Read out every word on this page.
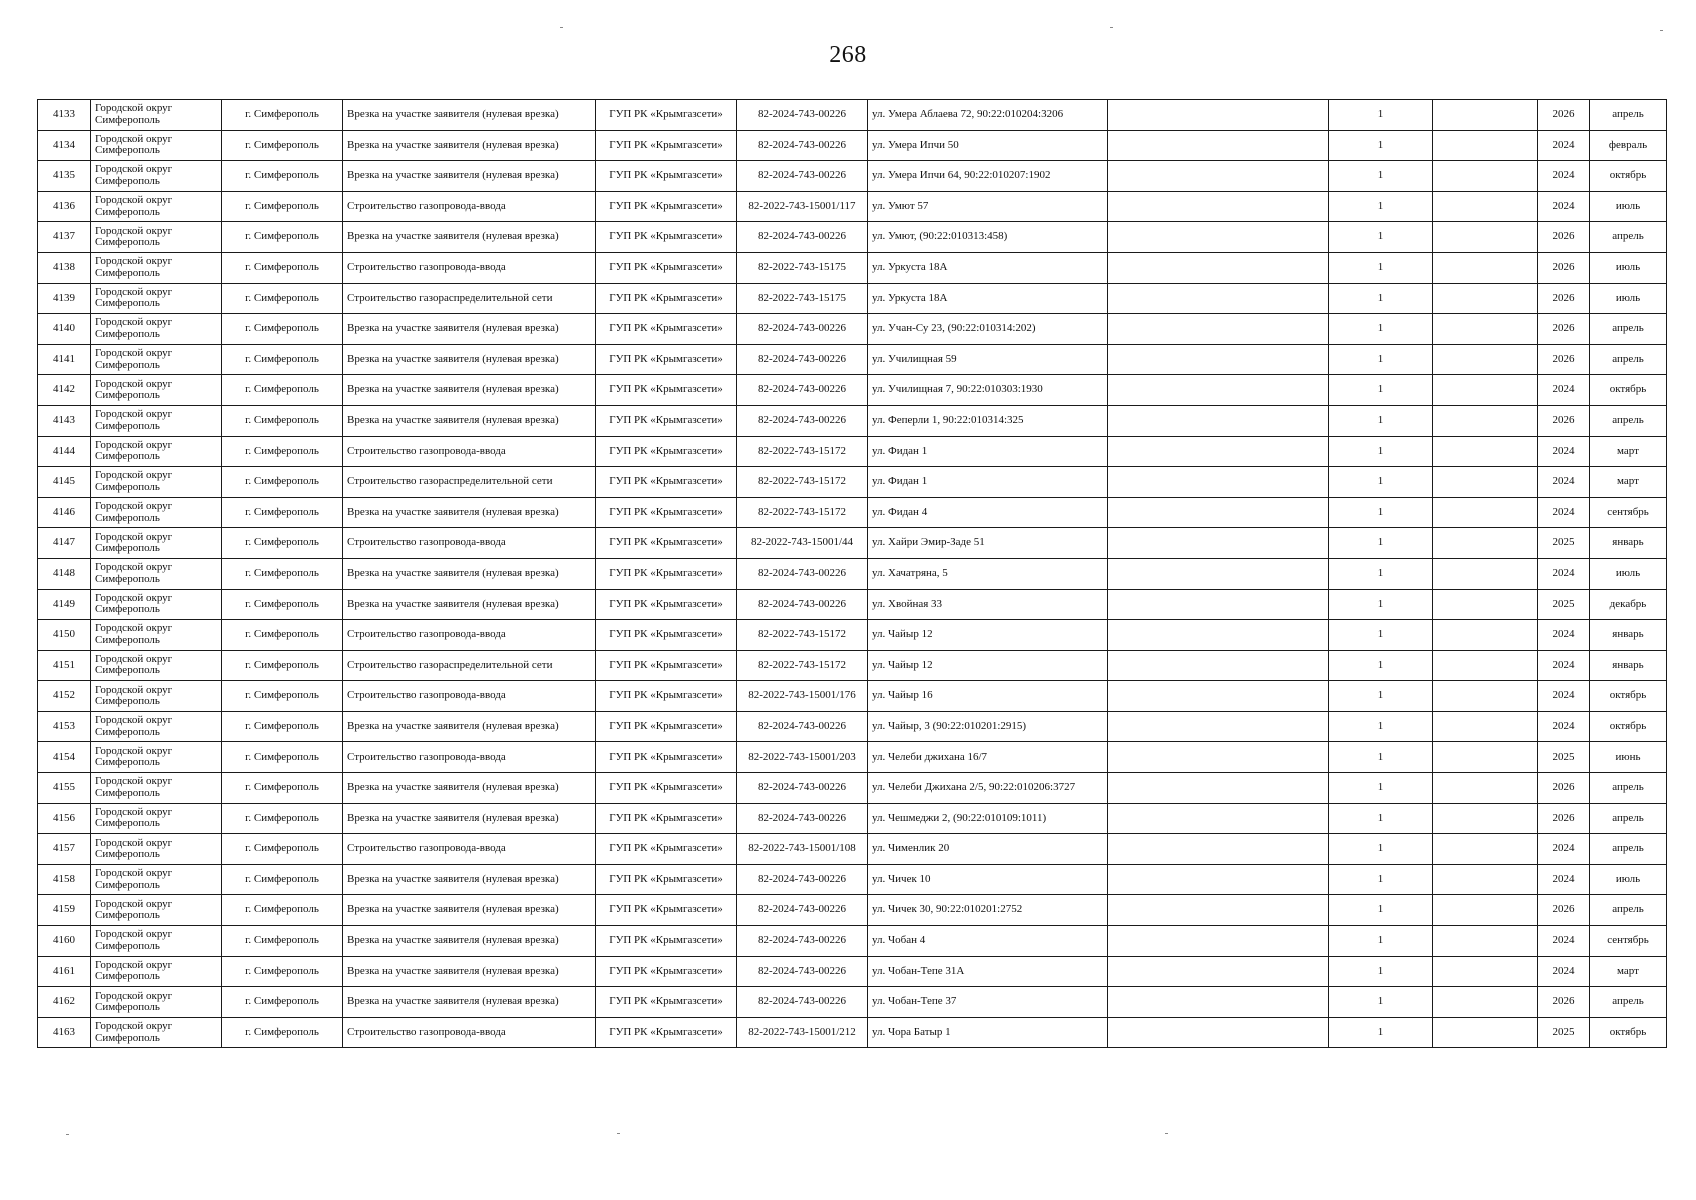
268
4133	Городской округ Симферополь	г. Симферополь	Врезка на участке заявителя (нулевая врезка)	ГУП РК «Крымгазсети»	82-2024-743-00226	ул. Умера Аблаева 72, 90:22:010204:3206		1		2026	апрель
4134	Городской округ Симферополь	г. Симферополь	Врезка на участке заявителя (нулевая врезка)	ГУП РК «Крымгазсети»	82-2024-743-00226	ул. Умера Ипчи 50		1		2024	февраль
4135	Городской округ Симферополь	г. Симферополь	Врезка на участке заявителя (нулевая врезка)	ГУП РК «Крымгазсети»	82-2024-743-00226	ул. Умера Ипчи 64, 90:22:010207:1902		1		2024	октябрь
4136	Городской округ Симферополь	г. Симферополь	Строительство газопровода-ввода	ГУП РК «Крымгазсети»	82-2022-743-15001/117	ул. Умют 57		1		2024	июль
4137	Городской округ Симферополь	г. Симферополь	Врезка на участке заявителя (нулевая врезка)	ГУП РК «Крымгазсети»	82-2024-743-00226	ул. Умют, (90:22:010313:458)		1		2026	апрель
4138	Городской округ Симферополь	г. Симферополь	Строительство газопровода-ввода	ГУП РК «Крымгазсети»	82-2022-743-15175	ул. Уркуста 18А		1		2026	июль
4139	Городской округ Симферополь	г. Симферополь	Строительство газораспределительной сети	ГУП РК «Крымгазсети»	82-2022-743-15175	ул. Уркуста 18А		1		2026	июль
4140	Городской округ Симферополь	г. Симферополь	Врезка на участке заявителя (нулевая врезка)	ГУП РК «Крымгазсети»	82-2024-743-00226	ул. Учан-Су 23, (90:22:010314:202)		1		2026	апрель
4141	Городской округ Симферополь	г. Симферополь	Врезка на участке заявителя (нулевая врезка)	ГУП РК «Крымгазсети»	82-2024-743-00226	ул. Училищная 59		1		2026	апрель
4142	Городской округ Симферополь	г. Симферополь	Врезка на участке заявителя (нулевая врезка)	ГУП РК «Крымгазсети»	82-2024-743-00226	ул. Училищная 7, 90:22:010303:1930		1		2024	октябрь
4143	Городской округ Симферополь	г. Симферополь	Врезка на участке заявителя (нулевая врезка)	ГУП РК «Крымгазсети»	82-2024-743-00226	ул. Феперли 1, 90:22:010314:325		1		2026	апрель
4144	Городской округ Симферополь	г. Симферополь	Строительство газопровода-ввода	ГУП РК «Крымгазсети»	82-2022-743-15172	ул. Фидан 1		1		2024	март
4145	Городской округ Симферополь	г. Симферополь	Строительство газораспределительной сети	ГУП РК «Крымгазсети»	82-2022-743-15172	ул. Фидан 1		1		2024	март
4146	Городской округ Симферополь	г. Симферополь	Врезка на участке заявителя (нулевая врезка)	ГУП РК «Крымгазсети»	82-2022-743-15172	ул. Фидан 4		1		2024	сентябрь
4147	Городской округ Симферополь	г. Симферополь	Строительство газопровода-ввода	ГУП РК «Крымгазсети»	82-2022-743-15001/44	ул. Хайри Эмир-Заде 51		1		2025	январь
4148	Городской округ Симферополь	г. Симферополь	Врезка на участке заявителя (нулевая врезка)	ГУП РК «Крымгазсети»	82-2024-743-00226	ул. Хачатряна, 5		1		2024	июль
4149	Городской округ Симферополь	г. Симферополь	Врезка на участке заявителя (нулевая врезка)	ГУП РК «Крымгазсети»	82-2024-743-00226	ул. Хвойная 33		1		2025	декабрь
4150	Городской округ Симферополь	г. Симферополь	Строительство газопровода-ввода	ГУП РК «Крымгазсети»	82-2022-743-15172	ул. Чайыр 12		1		2024	январь
4151	Городской округ Симферополь	г. Симферополь	Строительство газораспределительной сети	ГУП РК «Крымгазсети»	82-2022-743-15172	ул. Чайыр 12		1		2024	январь
4152	Городской округ Симферополь	г. Симферополь	Строительство газопровода-ввода	ГУП РК «Крымгазсети»	82-2022-743-15001/176	ул. Чайыр 16		1		2024	октябрь
4153	Городской округ Симферополь	г. Симферополь	Врезка на участке заявителя (нулевая врезка)	ГУП РК «Крымгазсети»	82-2024-743-00226	ул. Чайыр, 3 (90:22:010201:2915)		1		2024	октябрь
4154	Городской округ Симферополь	г. Симферополь	Строительство газопровода-ввода	ГУП РК «Крымгазсети»	82-2022-743-15001/203	ул. Челеби джихана 16/7		1		2025	июнь
4155	Городской округ Симферополь	г. Симферополь	Врезка на участке заявителя (нулевая врезка)	ГУП РК «Крымгазсети»	82-2024-743-00226	ул. Челеби Джихана 2/5, 90:22:010206:3727		1		2026	апрель
4156	Городской округ Симферополь	г. Симферополь	Врезка на участке заявителя (нулевая врезка)	ГУП РК «Крымгазсети»	82-2024-743-00226	ул. Чешмеджи 2, (90:22:010109:1011)		1		2026	апрель
4157	Городской округ Симферополь	г. Симферополь	Строительство газопровода-ввода	ГУП РК «Крымгазсети»	82-2022-743-15001/108	ул. Чименлик 20		1		2024	апрель
4158	Городской округ Симферополь	г. Симферополь	Врезка на участке заявителя (нулевая врезка)	ГУП РК «Крымгазсети»	82-2024-743-00226	ул. Чичек 10		1		2024	июль
4159	Городской округ Симферополь	г. Симферополь	Врезка на участке заявителя (нулевая врезка)	ГУП РК «Крымгазсети»	82-2024-743-00226	ул. Чичек 30, 90:22:010201:2752		1		2026	апрель
4160	Городской округ Симферополь	г. Симферополь	Врезка на участке заявителя (нулевая врезка)	ГУП РК «Крымгазсети»	82-2024-743-00226	ул. Чобан 4		1		2024	сентябрь
4161	Городской округ Симферополь	г. Симферополь	Врезка на участке заявителя (нулевая врезка)	ГУП РК «Крымгазсети»	82-2024-743-00226	ул. Чобан-Тепе 31А		1		2024	март
4162	Городской округ Симферополь	г. Симферополь	Врезка на участке заявителя (нулевая врезка)	ГУП РК «Крымгазсети»	82-2024-743-00226	ул. Чобан-Тепе 37		1		2026	апрель
4163	Городской округ Симферополь	г. Симферополь	Строительство газопровода-ввода	ГУП РК «Крымгазсети»	82-2022-743-15001/212	ул. Чора Батыр 1		1		2025	октябрь
